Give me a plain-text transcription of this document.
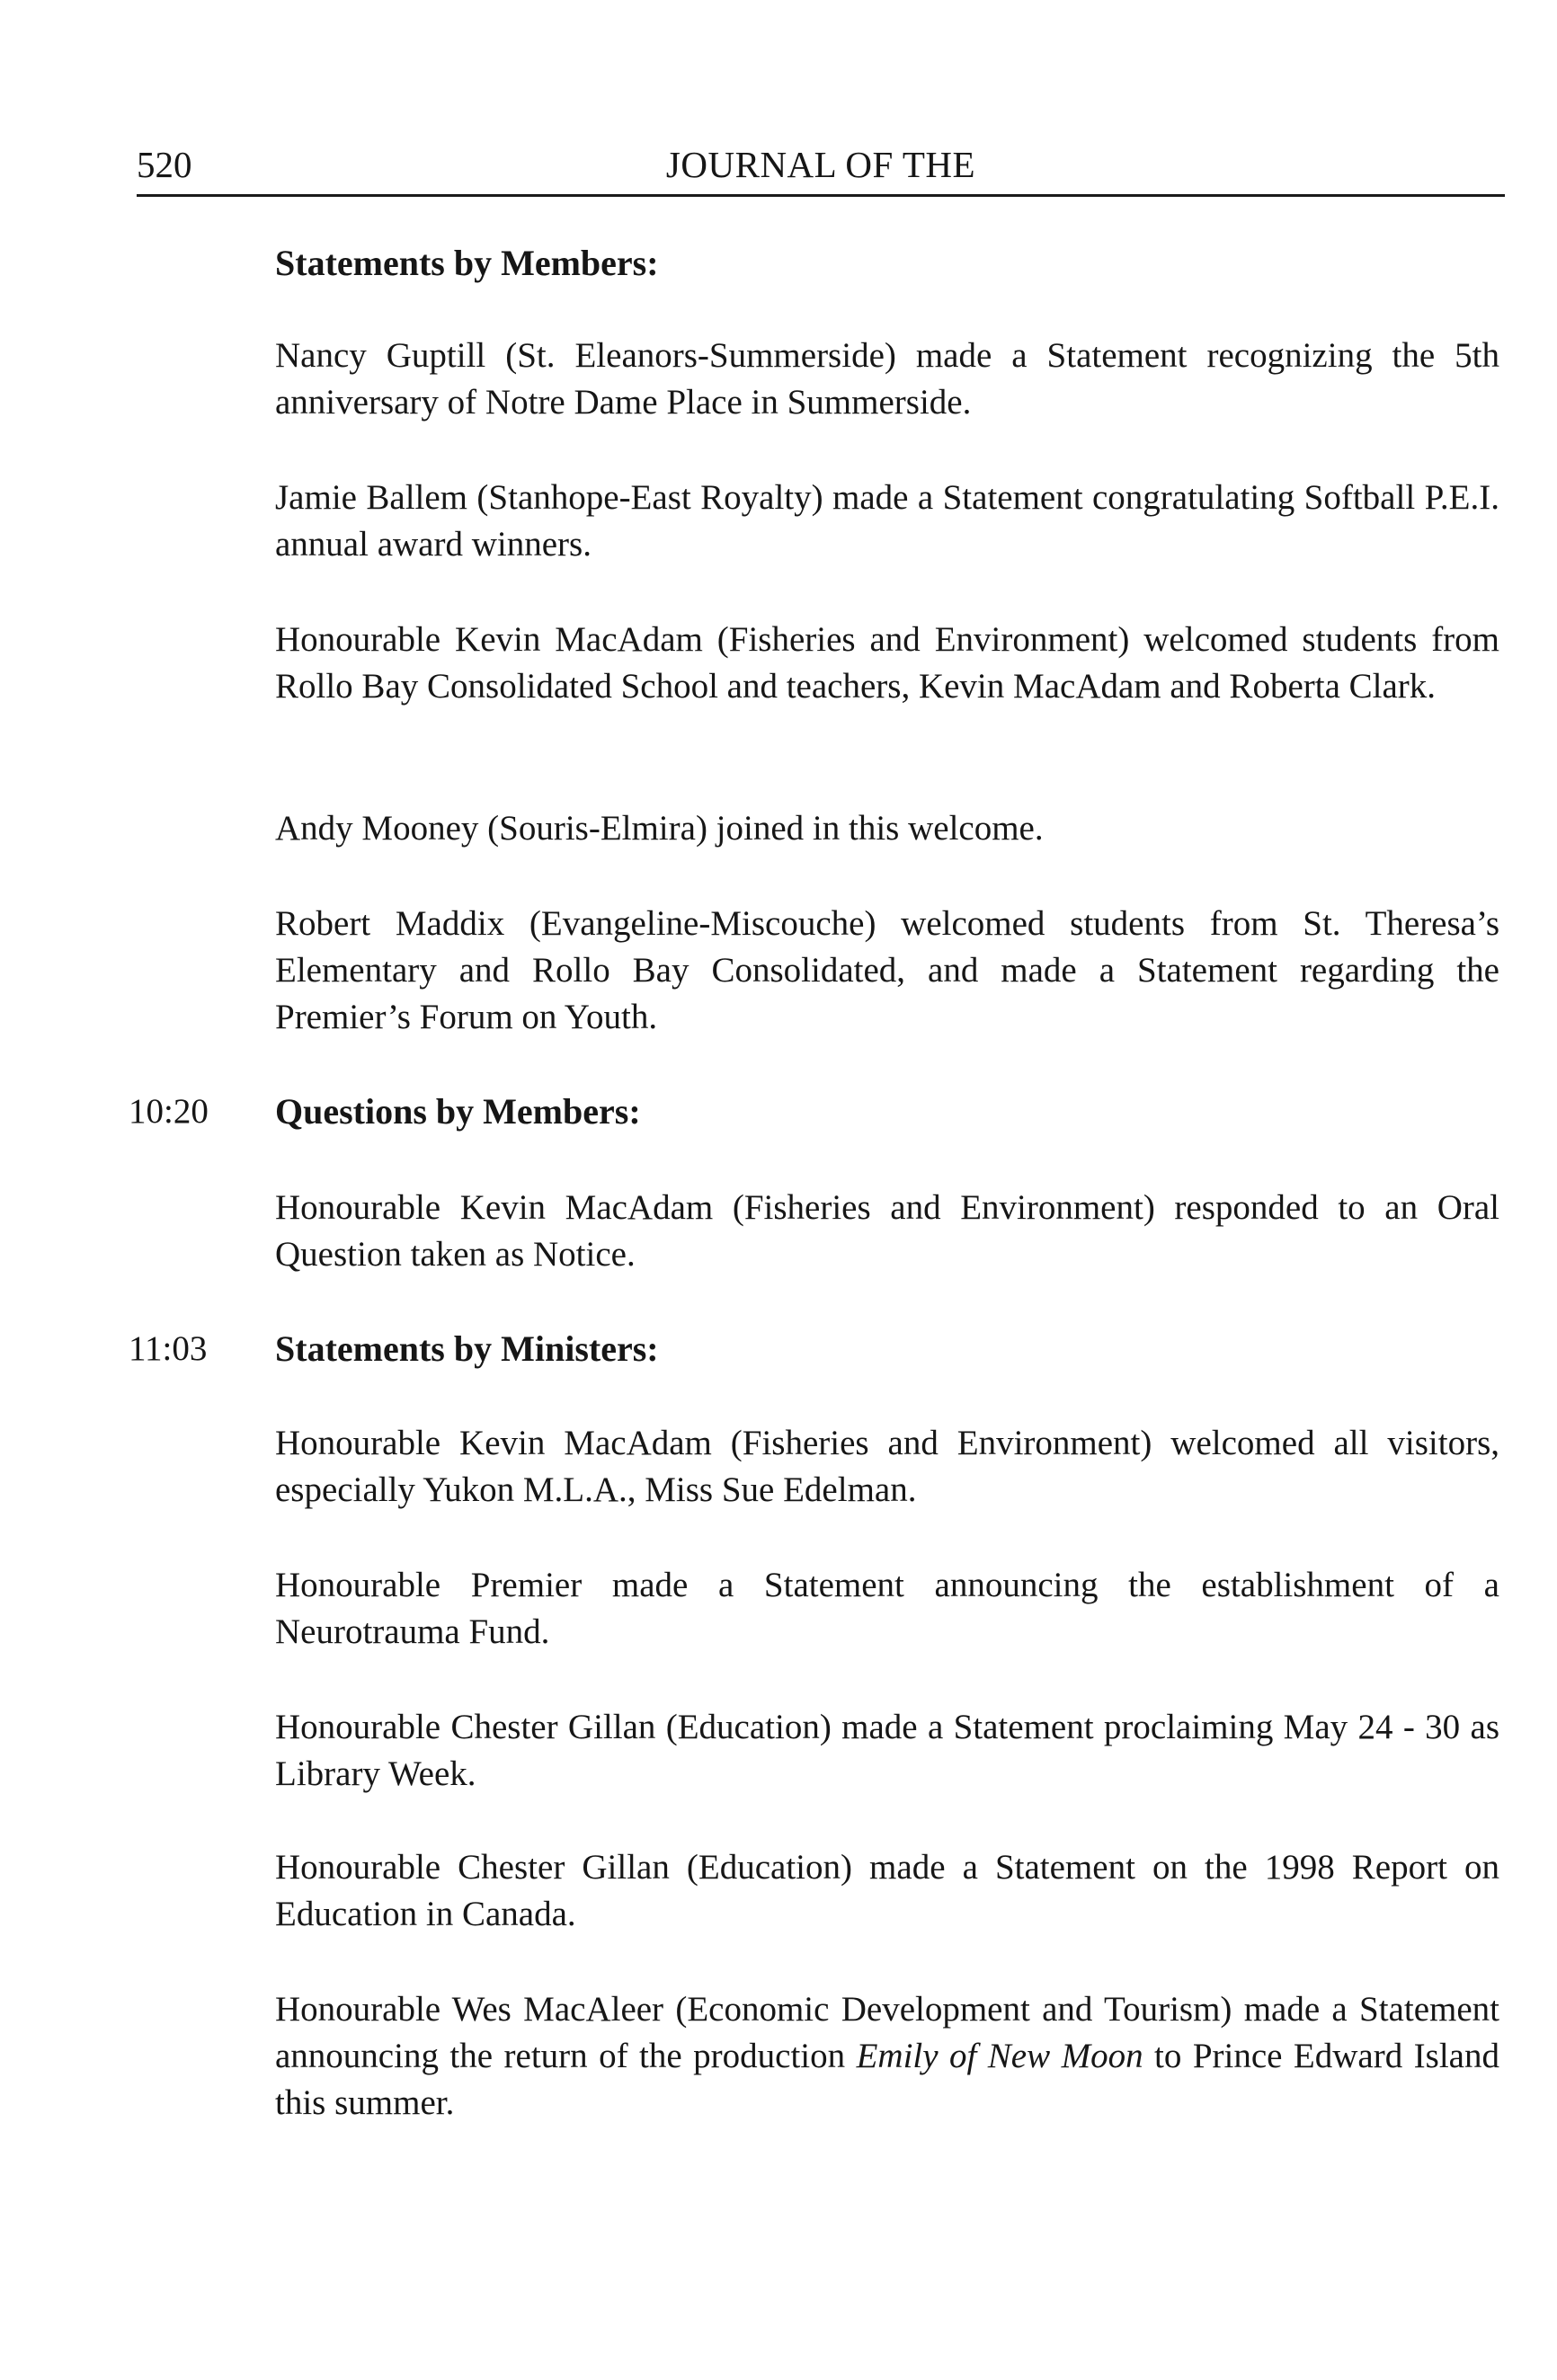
520	JOURNAL OF THE
Statements by Members:

Nancy Guptill (St. Eleanors-Summerside) made a Statement recognizing the 5th anniversary of Notre Dame Place in Summerside.

Jamie Ballem (Stanhope-East Royalty) made a Statement congratulating Softball P.E.I. annual award winners.

Honourable Kevin MacAdam (Fisheries and Environment) welcomed students from Rollo Bay Consolidated School and teachers, Kevin MacAdam and Roberta Clark.

Andy Mooney (Souris-Elmira) joined in this welcome.

Robert Maddix (Evangeline-Miscouche) welcomed students from St. Theresa’s Elementary and Rollo Bay Consolidated, and made a Statement regarding the Premier’s Forum on Youth.

10:20 Questions by Members:

Honourable Kevin MacAdam (Fisheries and Environment) responded to an Oral Question taken as Notice.

11:03 Statements by Ministers:

Honourable Kevin MacAdam (Fisheries and Environment) welcomed all visitors, especially Yukon M.L.A., Miss Sue Edelman.

Honourable Premier made a Statement announcing the establishment of a Neurotrauma Fund.

Honourable Chester Gillan (Education) made a Statement proclaiming May 24 - 30 as Library Week.

Honourable Chester Gillan (Education) made a Statement on the 1998 Report on Education in Canada.

Honourable Wes MacAleer (Economic Development and Tourism) made a Statement announcing the return of the production Emily of New Moon to Prince Edward Island this summer.
